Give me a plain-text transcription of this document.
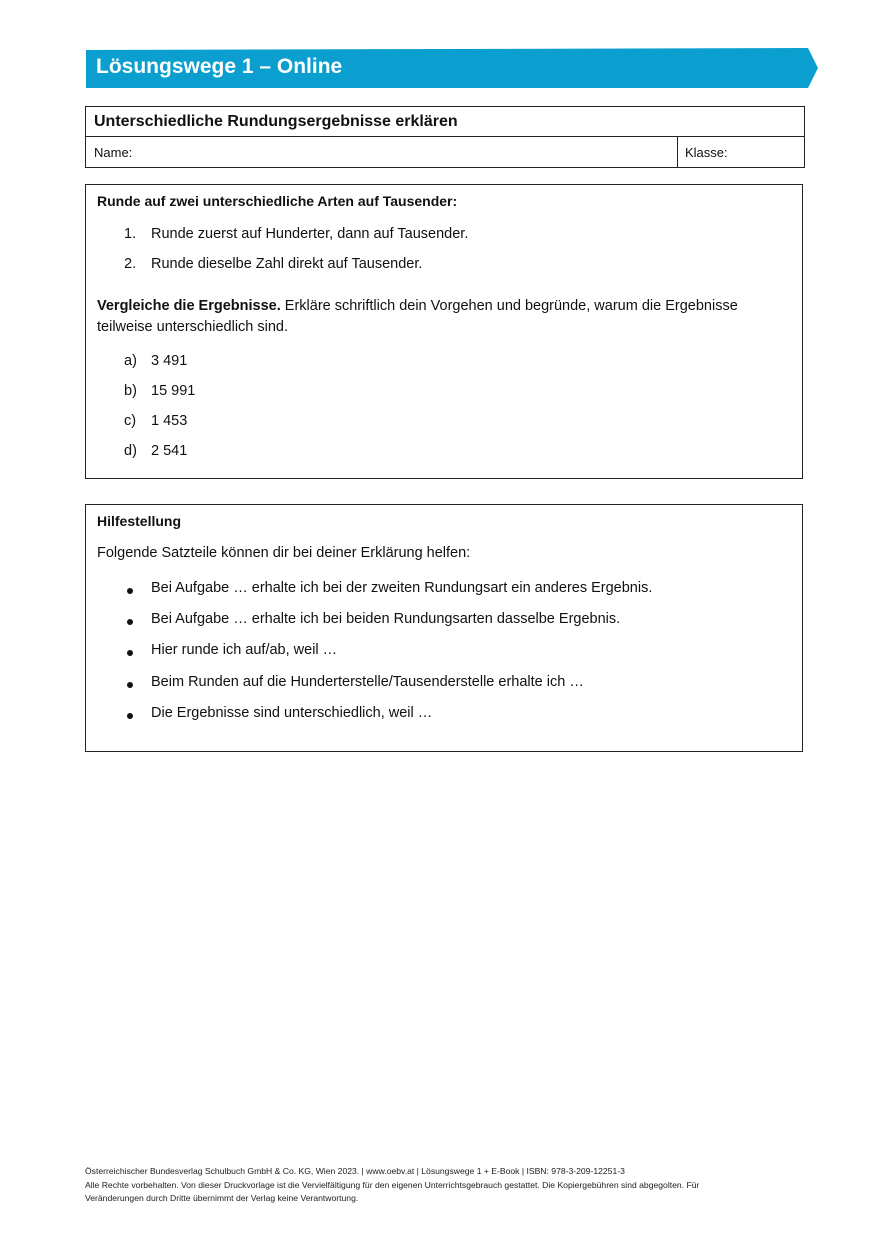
Lösungswege 1 – Online
Unterschiedliche Rundungsergebnisse erklären
Name:	Klasse:
Runde auf zwei unterschiedliche Arten auf Tausender:
1. Runde zuerst auf Hunderter, dann auf Tausender.
2. Runde dieselbe Zahl direkt auf Tausender.
Vergleiche die Ergebnisse. Erkläre schriftlich dein Vorgehen und begründe, warum die Ergebnisse
teilweise unterschiedlich sind.
a) 3 491
b) 15 991
c) 1 453
d) 2 541
Hilfestellung
Folgende Satzteile können dir bei deiner Erklärung helfen:
Bei Aufgabe … erhalte ich bei der zweiten Rundungsart ein anderes Ergebnis.
Bei Aufgabe … erhalte ich bei beiden Rundungsarten dasselbe Ergebnis.
Hier runde ich auf/ab, weil …
Beim Runden auf die Hunderterstelle/Tausenderstelle erhalte ich …
Die Ergebnisse sind unterschiedlich, weil …
Österreichischer Bundesverlag Schulbuch GmbH & Co. KG, Wien 2023. | www.oebv.at | Lösungswege 1 + E-Book | ISBN: 978-3-209-12251-3
Alle Rechte vorbehalten. Von dieser Druckvorlage ist die Vervielfältigung für den eigenen Unterrichtsgebrauch gestattet. Die Kopiergebühren sind abgegolten. Für
Veränderungen durch Dritte übernimmt der Verlag keine Verantwortung.
